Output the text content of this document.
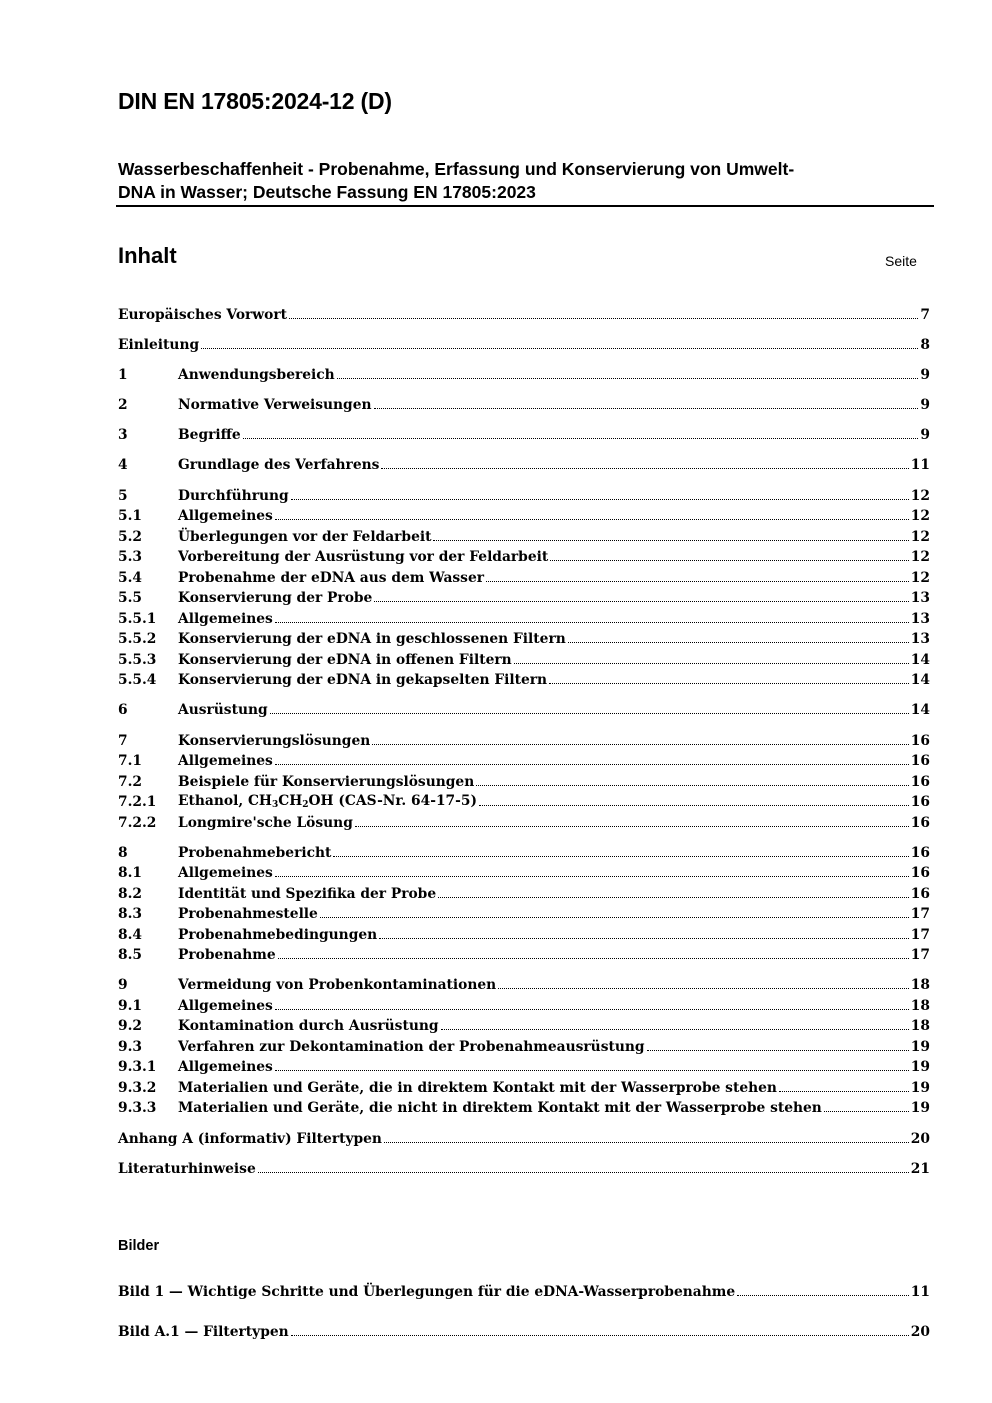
DIN EN 17805:2024-12 (D)
Wasserbeschaffenheit - Probenahme, Erfassung und Konservierung von Umwelt-
DNA in Wasser; Deutsche Fassung EN 17805:2023
Inhalt	Seite
Europäisches Vorwort	7
Einleitung	8
1	Anwendungsbereich	9
2	Normative Verweisungen	9
3	Begriffe	9
4	Grundlage des Verfahrens	11
5	Durchführung	12
5.1	Allgemeines	12
5.2	Überlegungen vor der Feldarbeit	12
5.3	Vorbereitung der Ausrüstung vor der Feldarbeit	12
5.4	Probenahme der eDNA aus dem Wasser	12
5.5	Konservierung der Probe	13
5.5.1	Allgemeines	13
5.5.2	Konservierung der eDNA in geschlossenen Filtern	13
5.5.3	Konservierung der eDNA in offenen Filtern	14
5.5.4	Konservierung der eDNA in gekapselten Filtern	14
6	Ausrüstung	14
7	Konservierungslösungen	16
7.1	Allgemeines	16
7.2	Beispiele für Konservierungslösungen	16
7.2.1	Ethanol, $CH_3CH_2OH$ (CAS-Nr. 64-17-5)	16
7.2.2	Longmire'sche Lösung	16
8	Probenahmebericht	16
8.1	Allgemeines	16
8.2	Identität und Spezifika der Probe	16
8.3	Probenahmestelle	17
8.4	Probenahmebedingungen	17
8.5	Probenahme	17
9	Vermeidung von Probenkontaminationen	18
9.1	Allgemeines	18
9.2	Kontamination durch Ausrüstung	18
9.3	Verfahren zur Dekontamination der Probenahmeausrüstung	19
9.3.1	Allgemeines	19
9.3.2	Materialien und Geräte, die in direktem Kontakt mit der Wasserprobe stehen	19
9.3.3	Materialien und Geräte, die nicht in direktem Kontakt mit der Wasserprobe stehen	19
Anhang A (informativ) Filtertypen	20
Literaturhinweise	21
Bilder
Bild 1 — Wichtige Schritte und Überlegungen für die eDNA-Wasserprobenahme	11
Bild A.1 — Filtertypen	20
